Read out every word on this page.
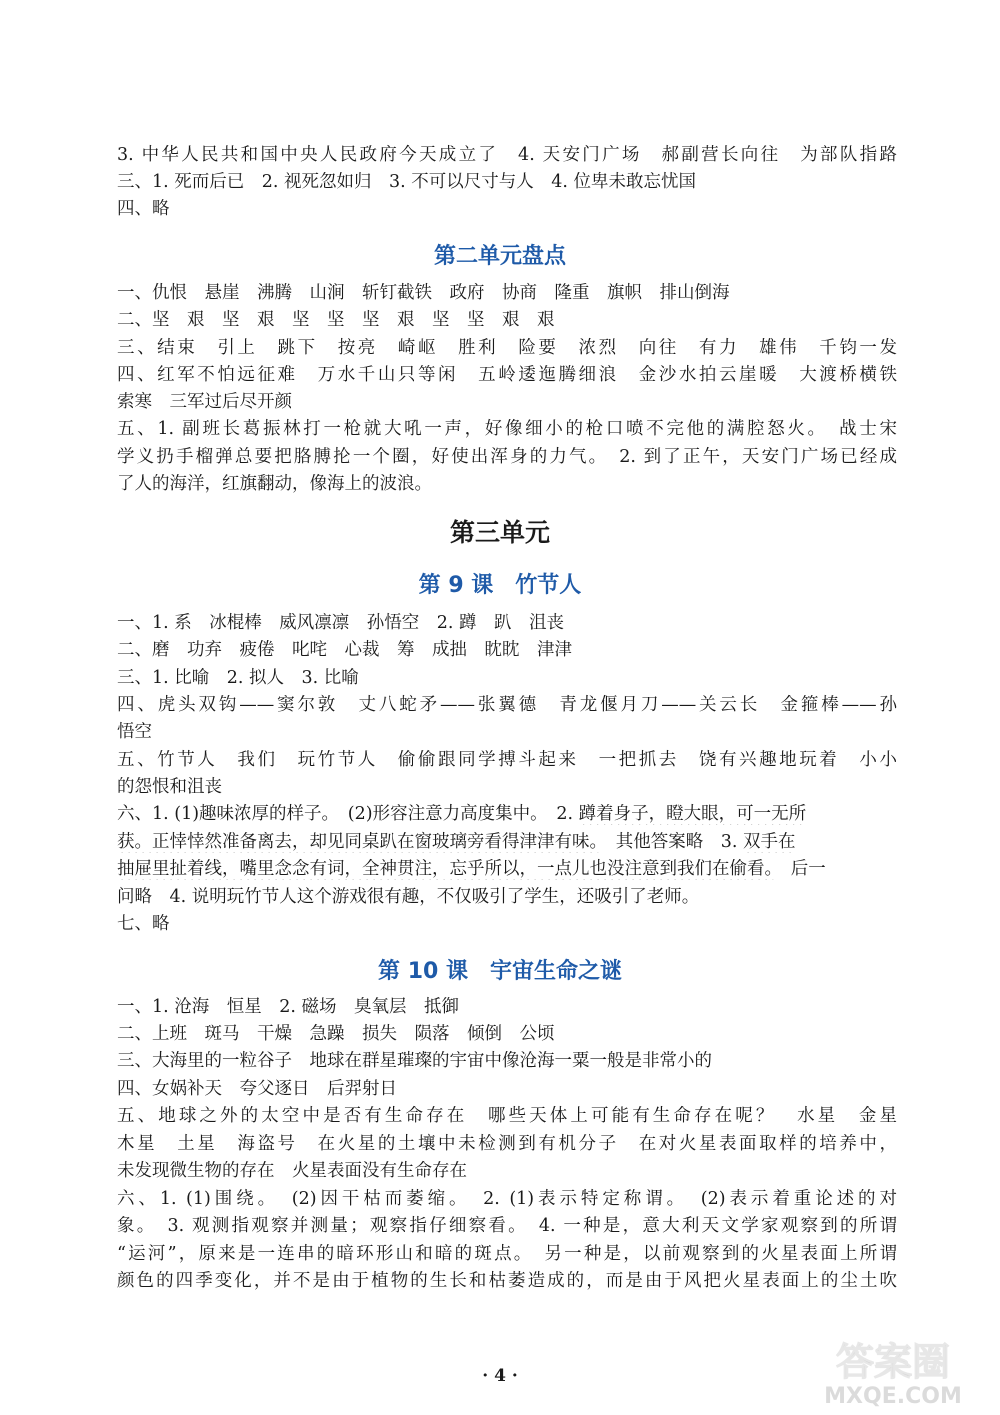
3. 中华人民共和国中央人民政府今天成立了　4. 天安门广场　郝副营长向往　为部队指路
三、1. 死而后已　2. 视死忽如归　3. 不可以尺寸与人　4. 位卑未敢忘忧国
四、略
第二单元盘点
一、仇恨　悬崖　沸腾　山涧　斩钉截铁　政府　协商　隆重　旗帜　排山倒海
二、坚　艰　坚　艰　坚　坚　坚　艰　坚　坚　艰　艰
三、结束　引上　跳下　按亮　崎岖　胜利　险要　浓烈　向往　有力　雄伟　千钧一发
四、红军不怕远征难　万水千山只等闲　五岭逶迤腾细浪　金沙水拍云崖暖　大渡桥横铁
索寒　三军过后尽开颜
五、1. 副班长葛振林打一枪就大吼一声，好像细小的枪口喷不完他的满腔怒火。　战士宋
学义扔手榴弹总要把胳膊抡一个圈，好使出浑身的力气。　2. 到了正午，天安门广场已经成
了人的海洋，红旗翻动，像海上的波浪。
第三单元
第 9 课　竹节人
一、1. 系　冰棍棒　威风凛凛　孙悟空　2. 蹲　趴　沮丧
二、磨　功弃　疲倦　叱咤　心裁　筹　成拙　眈眈　津津
三、1. 比喻　2. 拟人　3. 比喻
四、虎头双钩——窦尔敦　丈八蛇矛——张翼德　青龙偃月刀——关云长　金箍棒——孙
悟空
五、竹节人　我们　玩竹节人　偷偷跟同学搏斗起来　一把抓去　饶有兴趣地玩着　小小
的怨恨和沮丧
六、1. (1)趣味浓厚的样子。　(2)形容注意力高度集中。　2. 蹲着身子，瞪大眼，可一无所
获。正悻悻然准备离去，却见同桌趴在窗玻璃旁看得津津有味。　其他答案略　3. 双手在
抽屉里扯着线，嘴里念念有词，全神贯注，忘乎所以，一点儿也没注意到我们在偷看。　后一
问略　4. 说明玩竹节人这个游戏很有趣，不仅吸引了学生，还吸引了老师。
七、略
第 10 课　宇宙生命之谜
一、1. 沧海　恒星　2. 磁场　臭氧层　抵御
二、上班　斑马　干燥　急躁　损失　陨落　倾倒　公顷
三、大海里的一粒谷子　地球在群星璀璨的宇宙中像沧海一粟一般是非常小的
四、女娲补天　夸父逐日　后羿射日
五、地球之外的太空中是否有生命存在　哪些天体上可能有生命存在呢？　水星　金星
木星　土星　海盗号　在火星的土壤中未检测到有机分子　在对火星表面取样的培养中，
未发现微生物的存在　火星表面没有生命存在
六、1. (1)围绕。　(2)因干枯而萎缩。　2. (1)表示特定称谓。　(2)表示着重论述的对
象。　3. 观测指观察并测量；观察指仔细察看。　4. 一种是，意大利天文学家观察到的所谓
“运河”，原来是一连串的暗环形山和暗的斑点。　另一种是，以前观察到的火星表面上所谓
颜色的四季变化，并不是由于植物的生长和枯萎造成的，而是由于风把火星表面上的尘土吹
· 4 ·	答案圈
MXQE.COM
